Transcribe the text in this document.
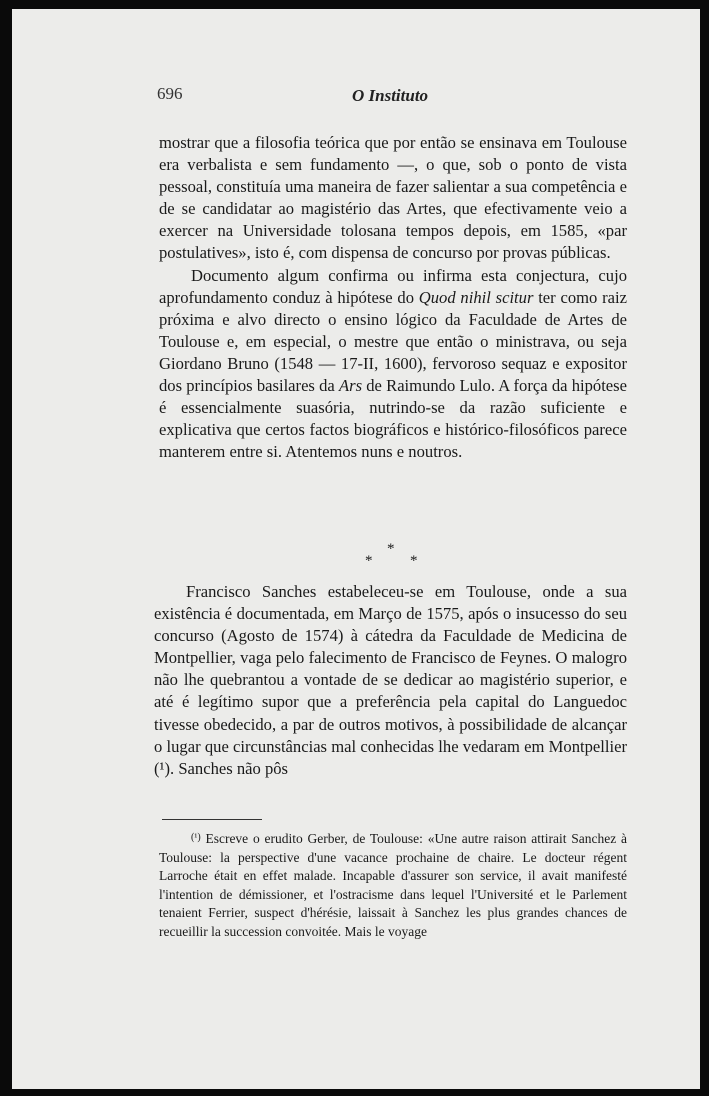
696	O Instituto

mostrar que a filosofia teórica que por então se ensinava em Toulouse era verbalista e sem fundamento —, o que, sob o ponto de vista pessoal, constituía uma maneira de fazer salientar a sua competência e de se candidatar ao magistério das Artes, que efectivamente veio a exercer na Universidade tolosana tempos depois, em 1585, «par postulatives», isto é, com dispensa de concurso por provas públicas.

Documento algum confirma ou infirma esta conjectura, cujo aprofundamento conduz à hipótese do Quod nihil scitur ter como raiz próxima e alvo directo o ensino lógico da Faculdade de Artes de Toulouse e, em especial, o mestre que então o ministrava, ou seja Giordano Bruno (1548 — 17-II, 1600), fervoroso sequaz e expositor dos princípios basilares da Ars de Raimundo Lulo. A força da hipótese é essencialmente suasória, nutrindo-se da razão suficiente e explicativa que certos factos biográficos e histórico-filosóficos parece manterem entre si. Atentemos nuns e noutros.

*
*	*

Francisco Sanches estabeleceu-se em Toulouse, onde a sua existência é documentada, em Março de 1575, após o insucesso do seu concurso (Agosto de 1574) à cátedra da Faculdade de Medicina de Montpellier, vaga pelo falecimento de Francisco de Feynes. O malogro não lhe quebrantou a vontade de se dedicar ao magistério superior, e até é legítimo supor que a preferência pela capital do Languedoc tivesse obedecido, a par de outros motivos, à possibilidade de alcançar o lugar que circunstâncias mal conhecidas lhe vedaram em Montpellier (¹). Sanches não pôs

$^{(^1)}$ Escreve o erudito Gerber, de Toulouse: «Une autre raison attirait Sanchez à Toulouse: la perspective d'une vacance prochaine de chaire. Le docteur régent Larroche était en effet malade. Incapable d'assurer son service, il avait manifesté l'intention de démissioner, et l'ostracisme dans lequel l'Université et le Parlement tenaient Ferrier, suspect d'hérésie, laissait à Sanchez les plus grandes chances de recueillir la succession convoitée. Mais le voyage
